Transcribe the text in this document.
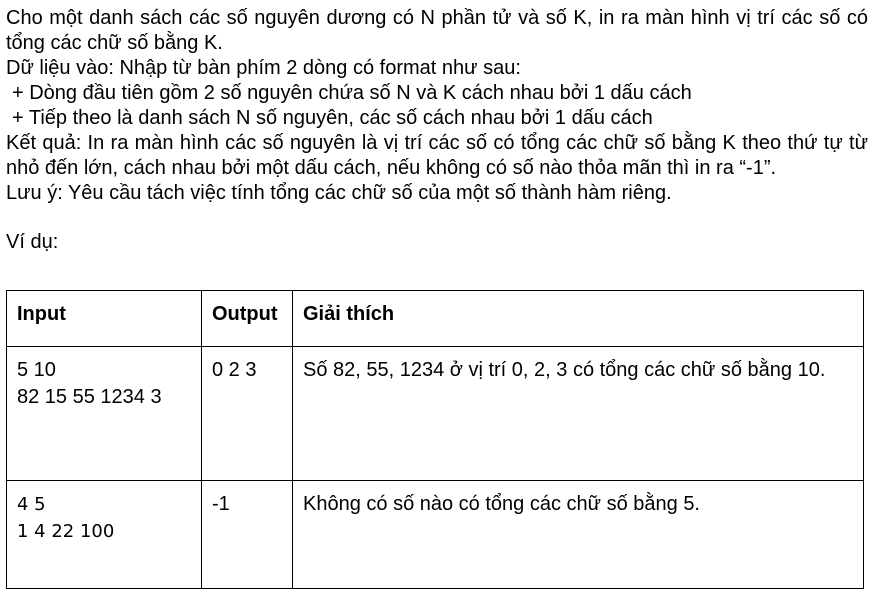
Cho một danh sách các số nguyên dương có N phần tử và số K, in ra màn hình vị trí các số có tổng các chữ số bằng K.

Dữ liệu vào: Nhập từ bàn phím 2 dòng có format như sau:

+ Dòng đầu tiên gồm 2 số nguyên chứa số N và K cách nhau bởi 1 dấu cách

+ Tiếp theo là danh sách N số nguyên, các số cách nhau bởi 1 dấu cách

Kết quả: In ra màn hình các số nguyên là vị trí các số có tổng các chữ số bằng K theo thứ tự từ nhỏ đến lớn, cách nhau bởi một dấu cách, nếu không có số nào thỏa mãn thì in ra “-1”.

Lưu ý: Yêu cầu tách việc tính tổng các chữ số của một số thành hàm riêng.

Ví dụ:

Input	Output	Giải thích

5 10
82 15 55 1234 3	0 2 3	Số 82, 55, 1234 ở vị trí 0, 2, 3 có tổng các chữ số bằng 10.

4 5
1 4 22 100	-1	Không có số nào có tổng các chữ số bằng 5.
